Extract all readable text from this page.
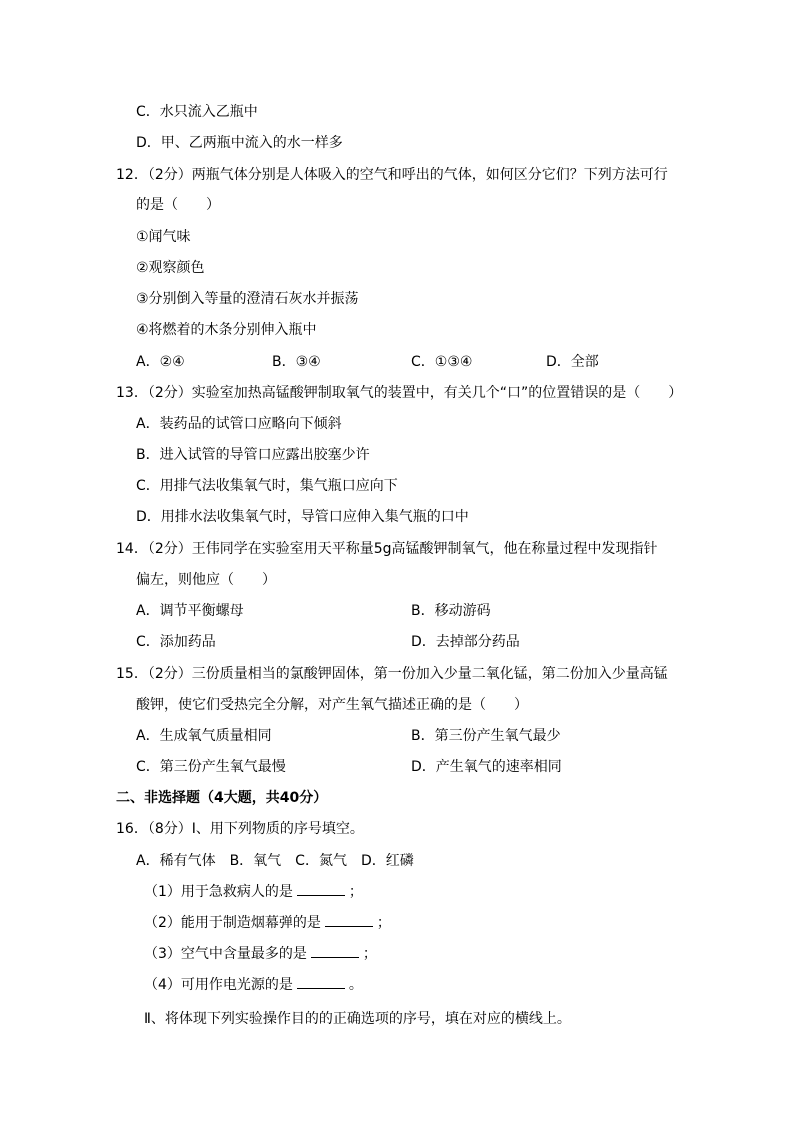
C．水只流入乙瓶中
D．甲、乙两瓶中流入的水一样多
12．（2分）两瓶气体分别是人体吸入的空气和呼出的气体，如何区分它们？下列方法可行
的是（　　）
①闻气味
②观察颜色
③分别倒入等量的澄清石灰水并振荡
④将燃着的木条分别伸入瓶中
A．②④	B．③④	C．①③④	D．全部
13．（2分）实验室加热高锰酸钾制取氧气的装置中，有关几个“口”的位置错误的是（　　）
A．装药品的试管口应略向下倾斜
B．进入试管的导管口应露出胶塞少许
C．用排气法收集氧气时，集气瓶口应向下
D．用排水法收集氧气时，导管口应伸入集气瓶的口中
14．（2分）王伟同学在实验室用天平称量5g高锰酸钾制氧气，他在称量过程中发现指针
偏左，则他应（　　）
A．调节平衡螺母	B．移动游码
C．添加药品	D．去掉部分药品
15．（2分）三份质量相当的氯酸钾固体，第一份加入少量二氧化锰，第二份加入少量高锰
酸钾，使它们受热完全分解，对产生氧气描述正确的是（　　）
A．生成氧气质量相同	B．第三份产生氧气最少
C．第三份产生氧气最慢	D．产生氧气的速率相同
二、非选择题（4大题，共40分）
16．（8分）Ⅰ、用下列物质的序号填空。
A．稀有气体　B．氧气　C．氮气　D．红磷
（1）用于急救病人的是	；
（2）能用于制造烟幕弹的是	；
（3）空气中含量最多的是	；
（4）可用作电光源的是	。
Ⅱ、将体现下列实验操作目的的正确选项的序号，填在对应的横线上。
